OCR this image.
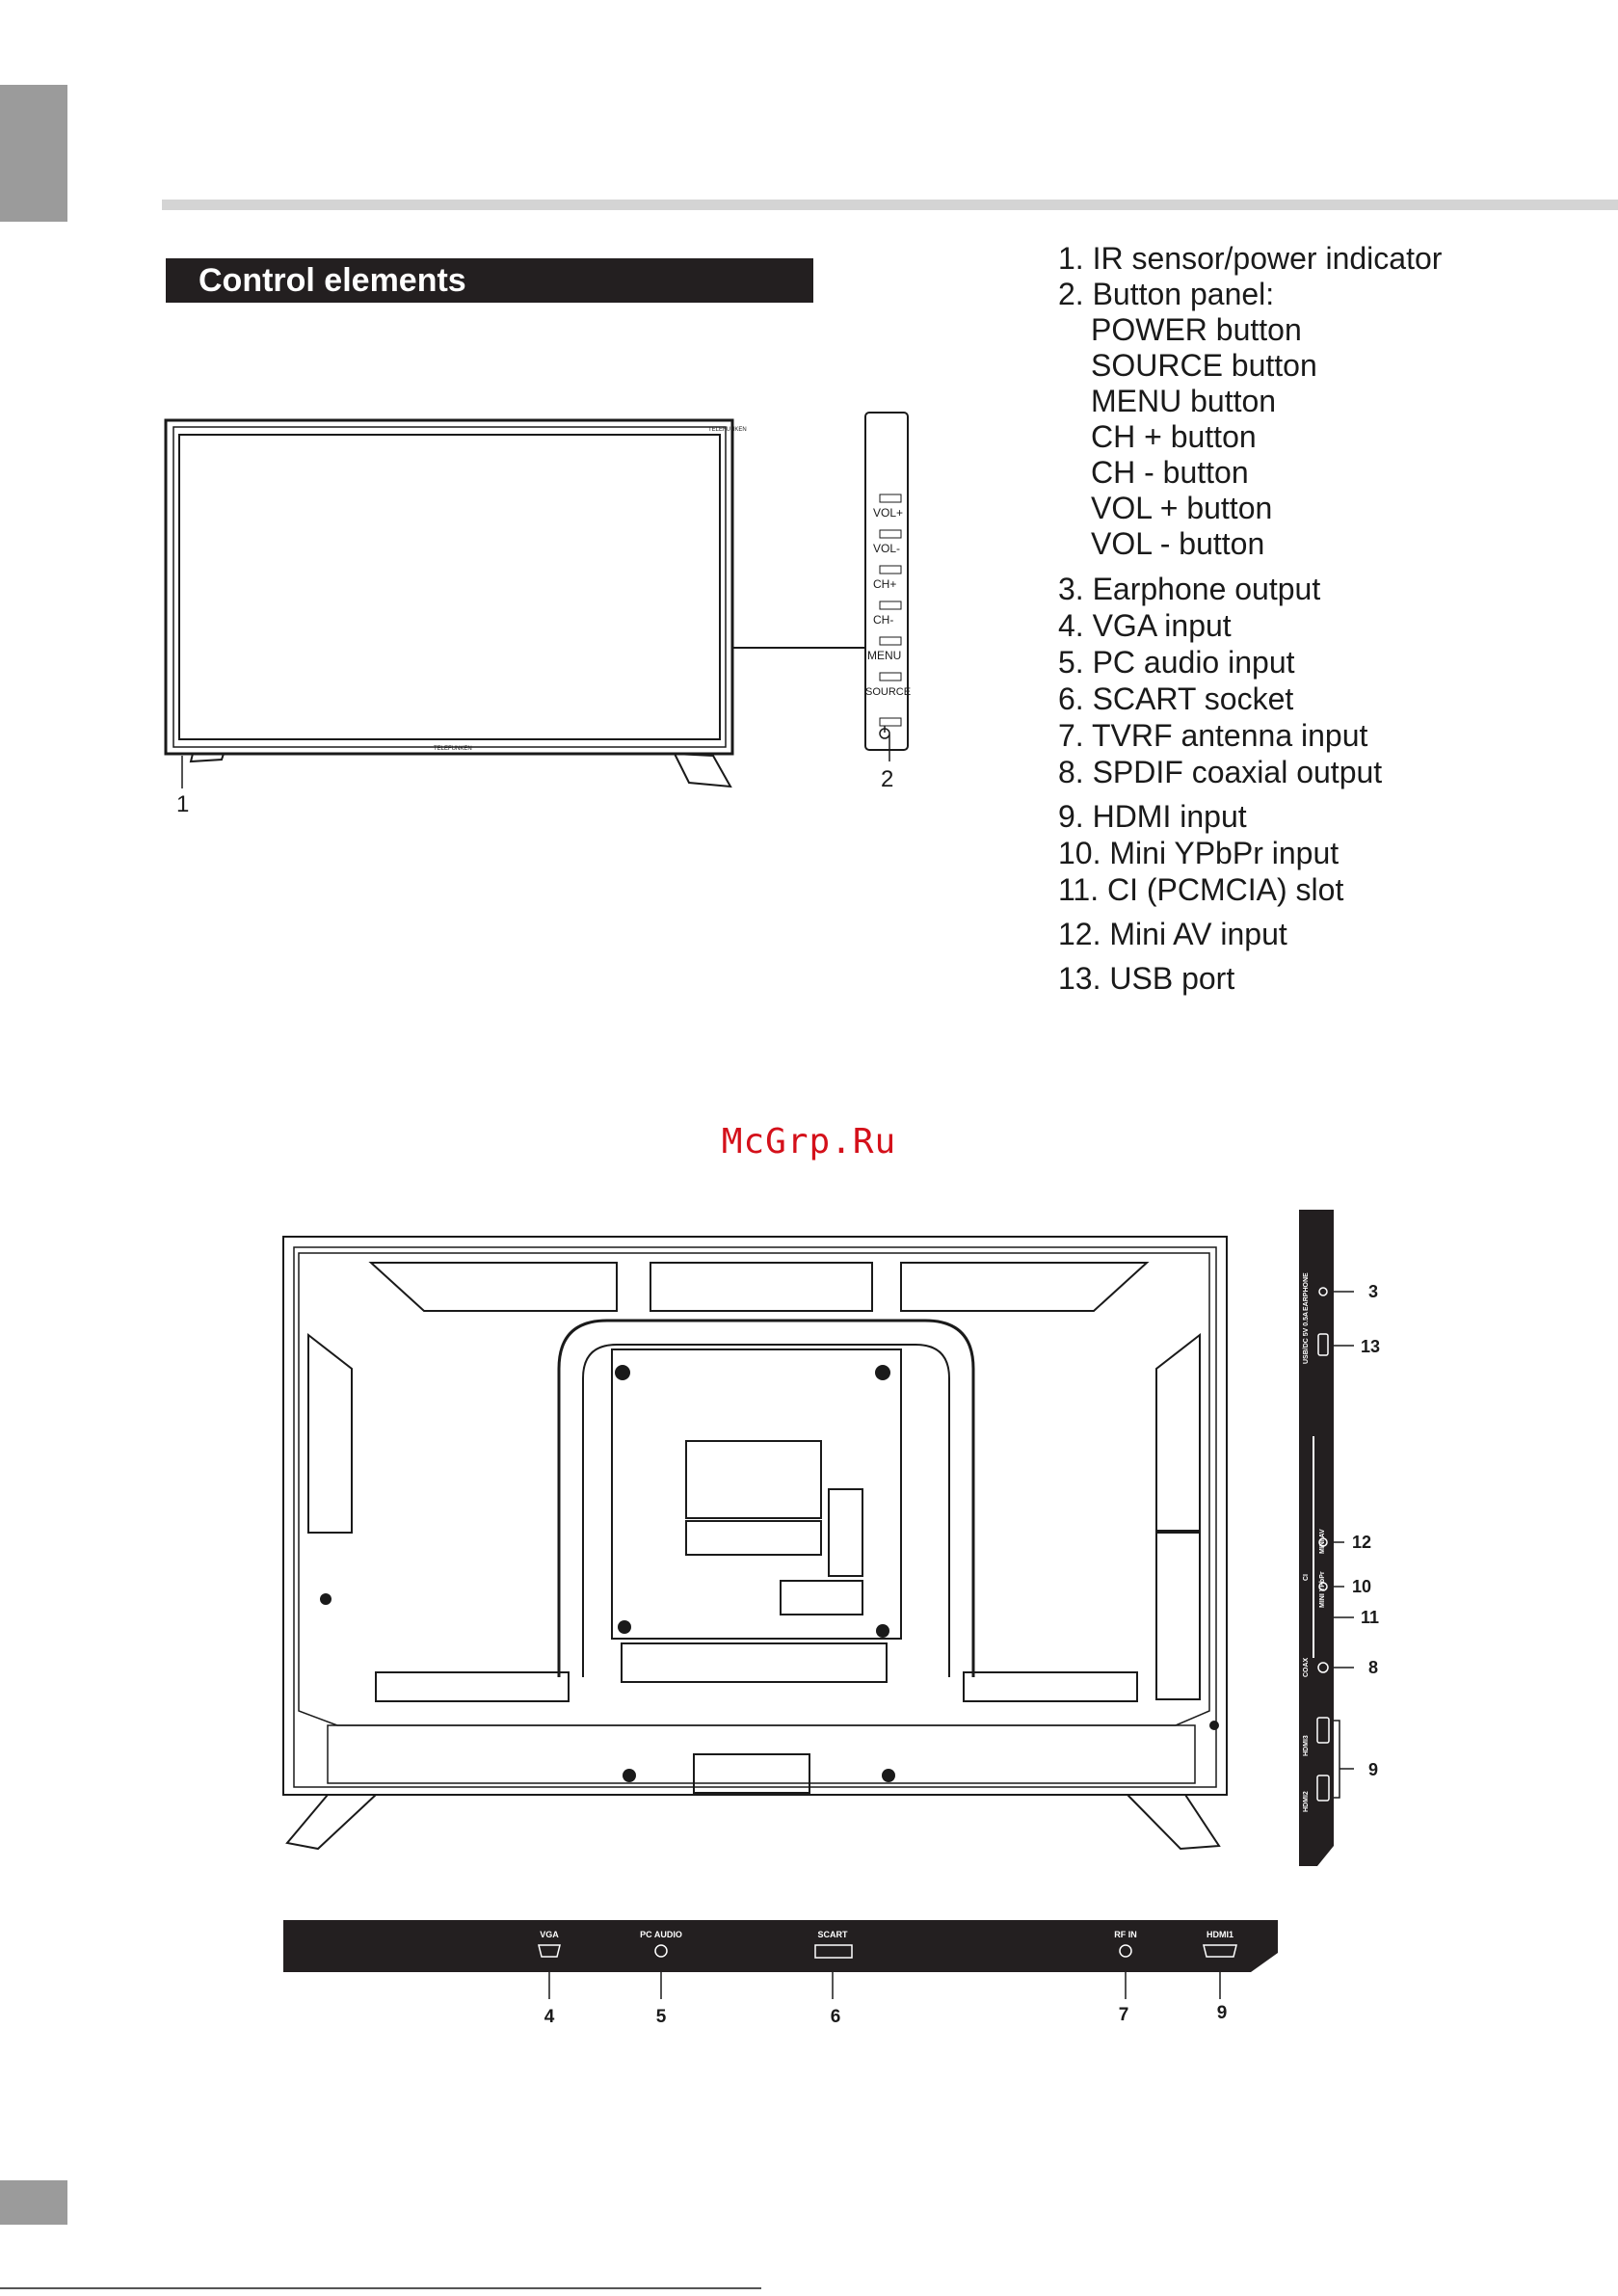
Control elements
1. IR sensor/power indicator
2. Button panel:
POWER button
SOURCE button
MENU button
CH + button
CH - button
VOL + button
VOL - button
3. Earphone output
4. VGA input
5. PC audio input
6. SCART socket
7. TVRF antenna input
8. SPDIF coaxial output
9. HDMI input
10. Mini YPbPr input
11. CI (PCMCIA) slot
12. Mini AV input
13. USB port
TELEFUNKEN
TELEFUNKEN
VOL+
VOL-
CH+
CH-
MENU
SOURCE
1
2
McGrp.Ru
EARPHONE
USB/DC 5V 0.5A
MINI AV
MINI YPbPr
CI
COAX
HDMI3
HDMI2
3
13
12
10
11
8
9
VGA	PC AUDIO	SCART	RF IN	HDMI1
4	5	6	7	9
